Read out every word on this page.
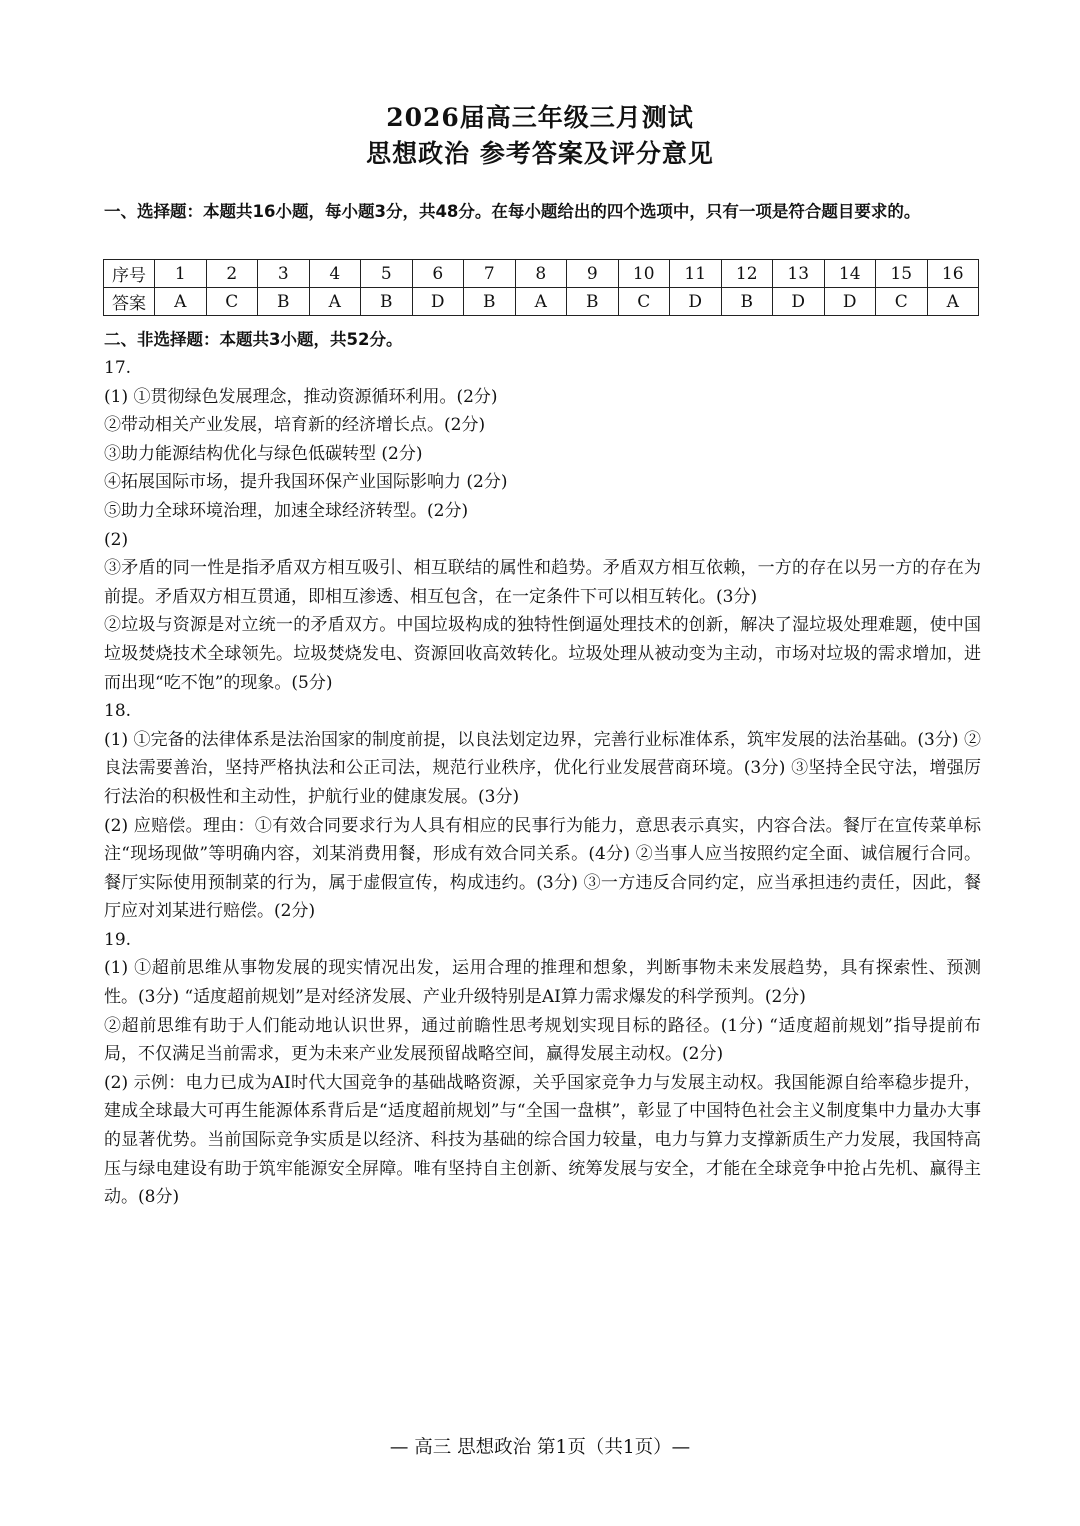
2026届高三年级三月测试
思想政治 参考答案及评分意见
一、选择题：本题共16小题，每小题3分，共48分。在每小题给出的四个选项中，只有一项是符合题目要求的。
序号	1	2	3	4	5	6	7	8	9	10	11	12	13	14	15	16
答案	A	C	B	A	B	D	B	A	B	C	D	B	D	D	C	A
二、非选择题：本题共3小题，共52分。

17.

(1) ①贯彻绿色发展理念，推动资源循环利用。(2分)

②带动相关产业发展，培育新的经济增长点。(2分)

③助力能源结构优化与绿色低碳转型 (2分)

④拓展国际市场，提升我国环保产业国际影响力 (2分)

⑤助力全球环境治理，加速全球经济转型。(2分)

(2)

③矛盾的同一性是指矛盾双方相互吸引、相互联结的属性和趋势。矛盾双方相互依赖，一方的存在以另一方的存在为前提。矛盾双方相互贯通，即相互渗透、相互包含，在一定条件下可以相互转化。(3分)

②垃圾与资源是对立统一的矛盾双方。中国垃圾构成的独特性倒逼处理技术的创新，解决了湿垃圾处理难题，使中国垃圾焚烧技术全球领先。垃圾焚烧发电、资源回收高效转化。垃圾处理从被动变为主动，市场对垃圾的需求增加，进而出现“吃不饱”的现象。(5分)

18.

(1) ①完备的法律体系是法治国家的制度前提，以良法划定边界，完善行业标准体系，筑牢发展的法治基础。(3分) ②良法需要善治，坚持严格执法和公正司法，规范行业秩序，优化行业发展营商环境。(3分) ③坚持全民守法，增强厉行法治的积极性和主动性，护航行业的健康发展。(3分)

(2) 应赔偿。理由：①有效合同要求行为人具有相应的民事行为能力，意思表示真实，内容合法。餐厅在宣传菜单标注“现场现做”等明确内容，刘某消费用餐，形成有效合同关系。(4分) ②当事人应当按照约定全面、诚信履行合同。餐厅实际使用预制菜的行为，属于虚假宣传，构成违约。(3分) ③一方违反合同约定，应当承担违约责任，因此，餐厅应对刘某进行赔偿。(2分)

19.

(1) ①超前思维从事物发展的现实情况出发，运用合理的推理和想象，判断事物未来发展趋势，具有探索性、预测性。(3分) “适度超前规划”是对经济发展、产业升级特别是AI算力需求爆发的科学预判。(2分)

②超前思维有助于人们能动地认识世界，通过前瞻性思考规划实现目标的路径。(1分) “适度超前规划”指导提前布局，不仅满足当前需求，更为未来产业发展预留战略空间，赢得发展主动权。(2分)

(2) 示例：电力已成为AI时代大国竞争的基础战略资源，关乎国家竞争力与发展主动权。我国能源自给率稳步提升，建成全球最大可再生能源体系背后是“适度超前规划”与“全国一盘棋”，彰显了中国特色社会主义制度集中力量办大事的显著优势。当前国际竞争实质是以经济、科技为基础的综合国力较量，电力与算力支撑新质生产力发展，我国特高压与绿电建设有助于筑牢能源安全屏障。唯有坚持自主创新、统筹发展与安全，才能在全球竞争中抢占先机、赢得主动。(8分)

— 高三 思想政治 第1页（共1页）—
